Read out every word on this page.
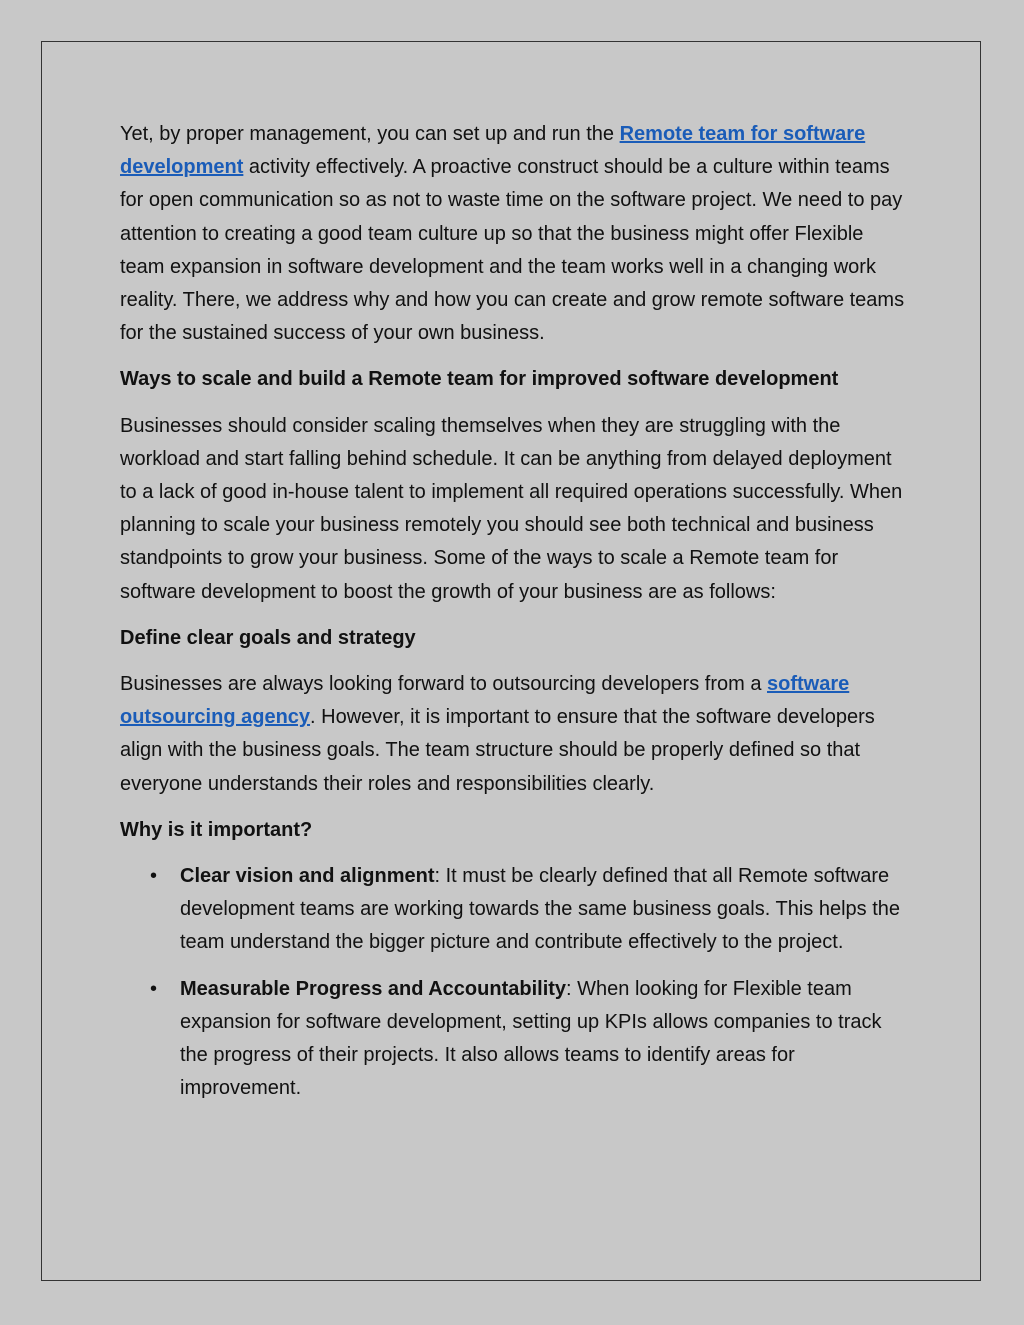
Yet, by proper management, you can set up and run the Remote team for software development activity effectively. A proactive construct should be a culture within teams for open communication so as not to waste time on the software project. We need to pay attention to creating a good team culture up so that the business might offer Flexible team expansion in software development and the team works well in a changing work reality. There, we address why and how you can create and grow remote software teams for the sustained success of your own business.

Ways to scale and build a Remote team for improved software development

Businesses should consider scaling themselves when they are struggling with the workload and start falling behind schedule. It can be anything from delayed deployment to a lack of good in-house talent to implement all required operations successfully. When planning to scale your business remotely you should see both technical and business standpoints to grow your business. Some of the ways to scale a Remote team for software development to boost the growth of your business are as follows:

Define clear goals and strategy

Businesses are always looking forward to outsourcing developers from a software outsourcing agency. However, it is important to ensure that the software developers align with the business goals. The team structure should be properly defined so that everyone understands their roles and responsibilities clearly.

Why is it important?

• Clear vision and alignment: It must be clearly defined that all Remote software development teams are working towards the same business goals. This helps the team understand the bigger picture and contribute effectively to the project.
• Measurable Progress and Accountability: When looking for Flexible team expansion for software development, setting up KPIs allows companies to track the progress of their projects. It also allows teams to identify areas for improvement.
